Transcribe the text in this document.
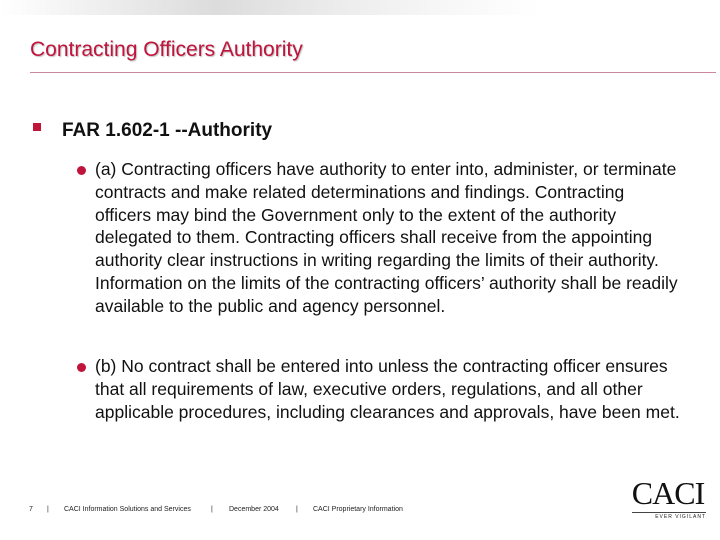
Contracting Officers Authority
FAR 1.602-1 --Authority
(a) Contracting officers have authority to enter into, administer, or terminate contracts and make related determinations and findings. Contracting officers may bind the Government only to the extent of the authority delegated to them. Contracting officers shall receive from the appointing authority clear instructions in writing regarding the limits of their authority. Information on the limits of the contracting officers’ authority shall be readily available to the public and agency personnel.
(b) No contract shall be entered into unless the contracting officer ensures that all requirements of law, executive orders, regulations, and all other applicable procedures, including clearances and approvals, have been met.
7 | CACI Information Solutions and Services	| December 2004 | CACI Proprietary Information	CACI
EVER VIGILANT
